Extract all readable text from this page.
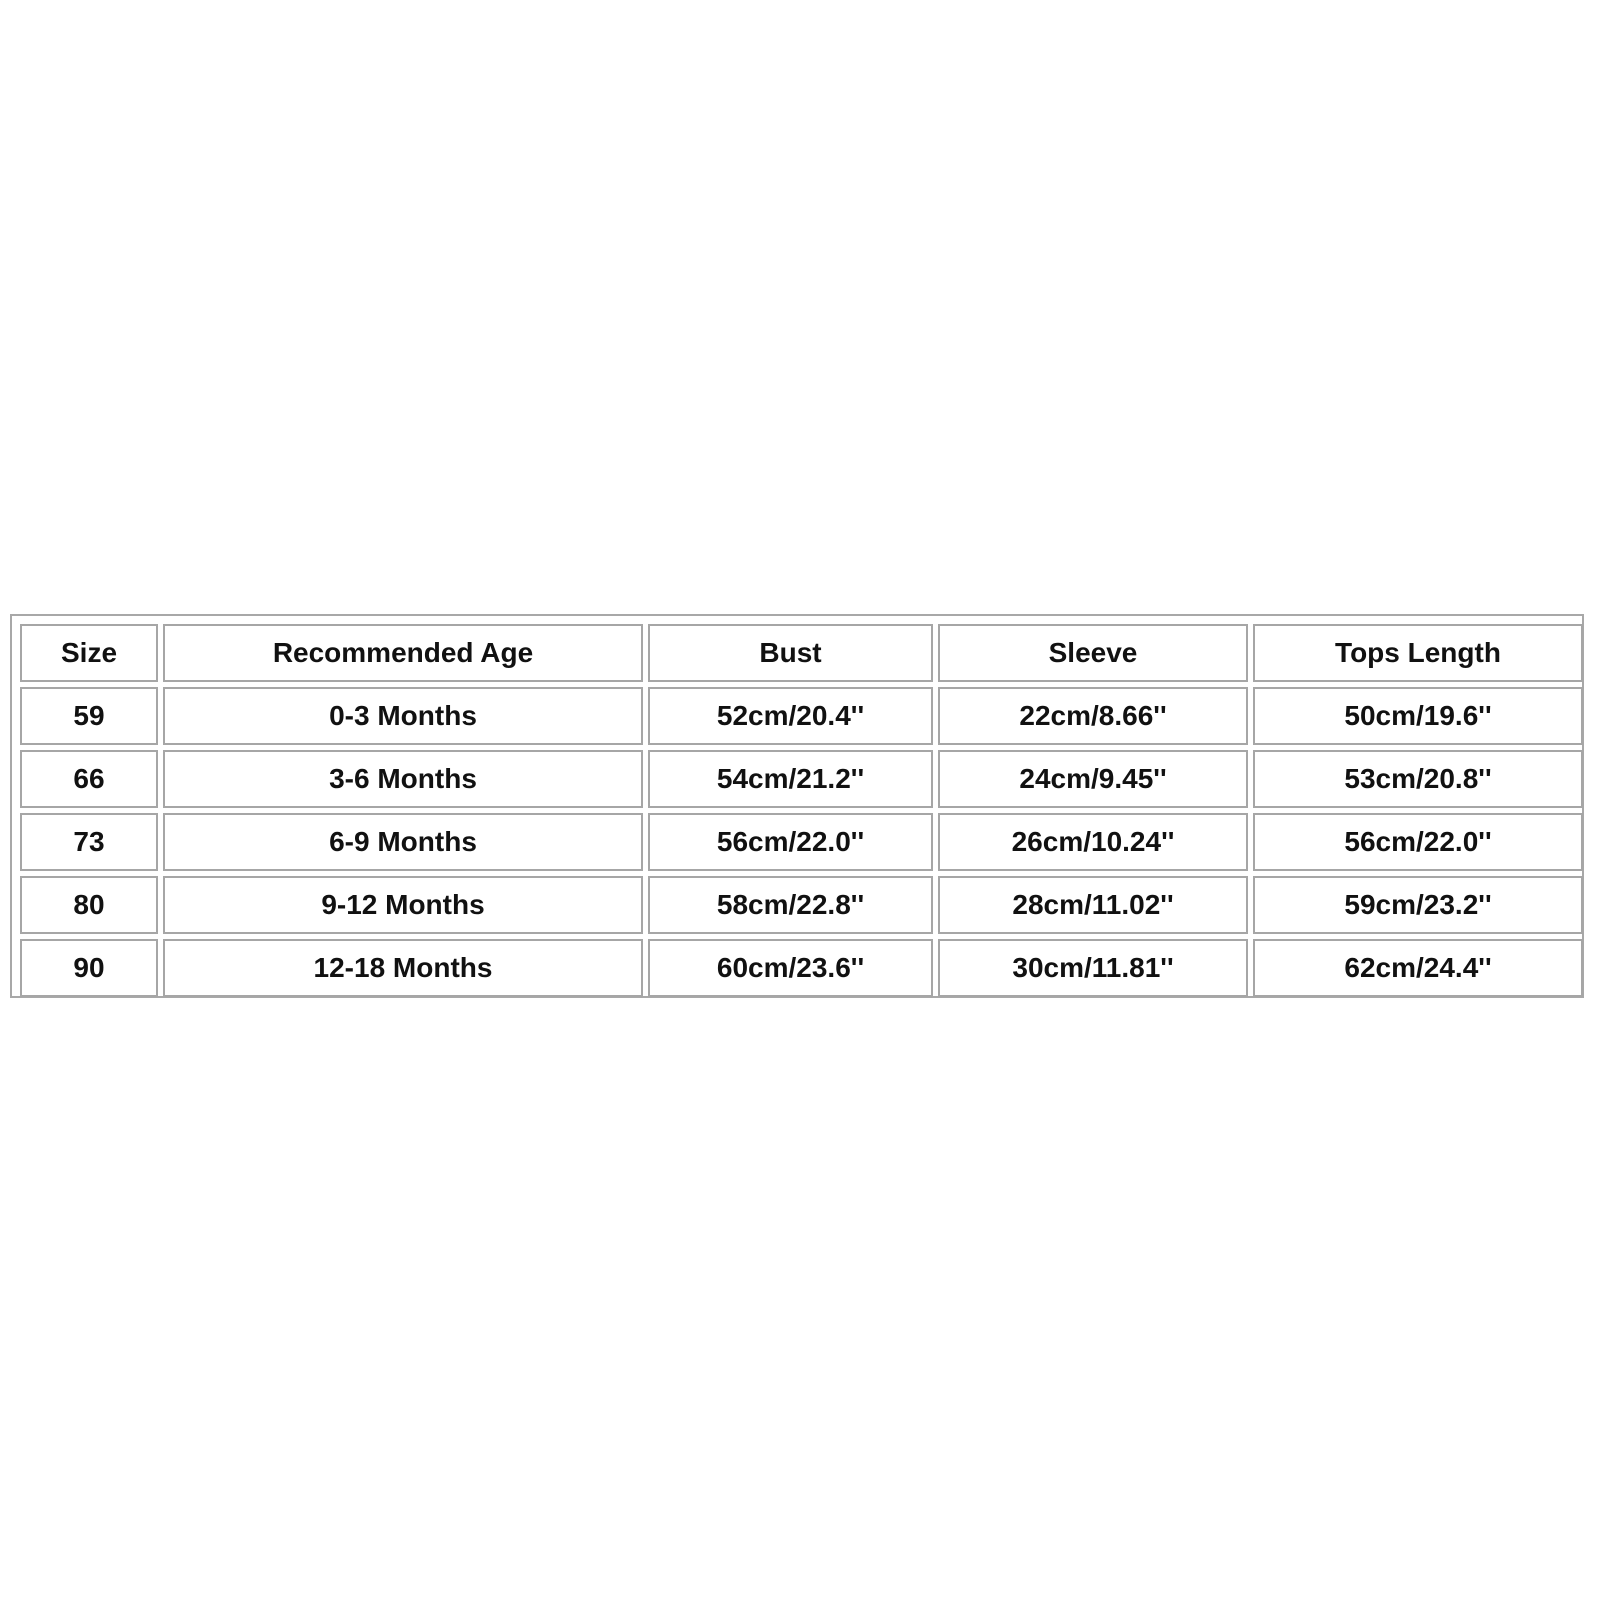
Size	Recommended Age	Bust	Sleeve	Tops Length
59	0-3 Months	52cm/20.4''	22cm/8.66''	50cm/19.6''
66	3-6 Months	54cm/21.2''	24cm/9.45''	53cm/20.8''
73	6-9 Months	56cm/22.0''	26cm/10.24''	56cm/22.0''
80	9-12 Months	58cm/22.8''	28cm/11.02''	59cm/23.2''
90	12-18 Months	60cm/23.6''	30cm/11.81''	62cm/24.4''
